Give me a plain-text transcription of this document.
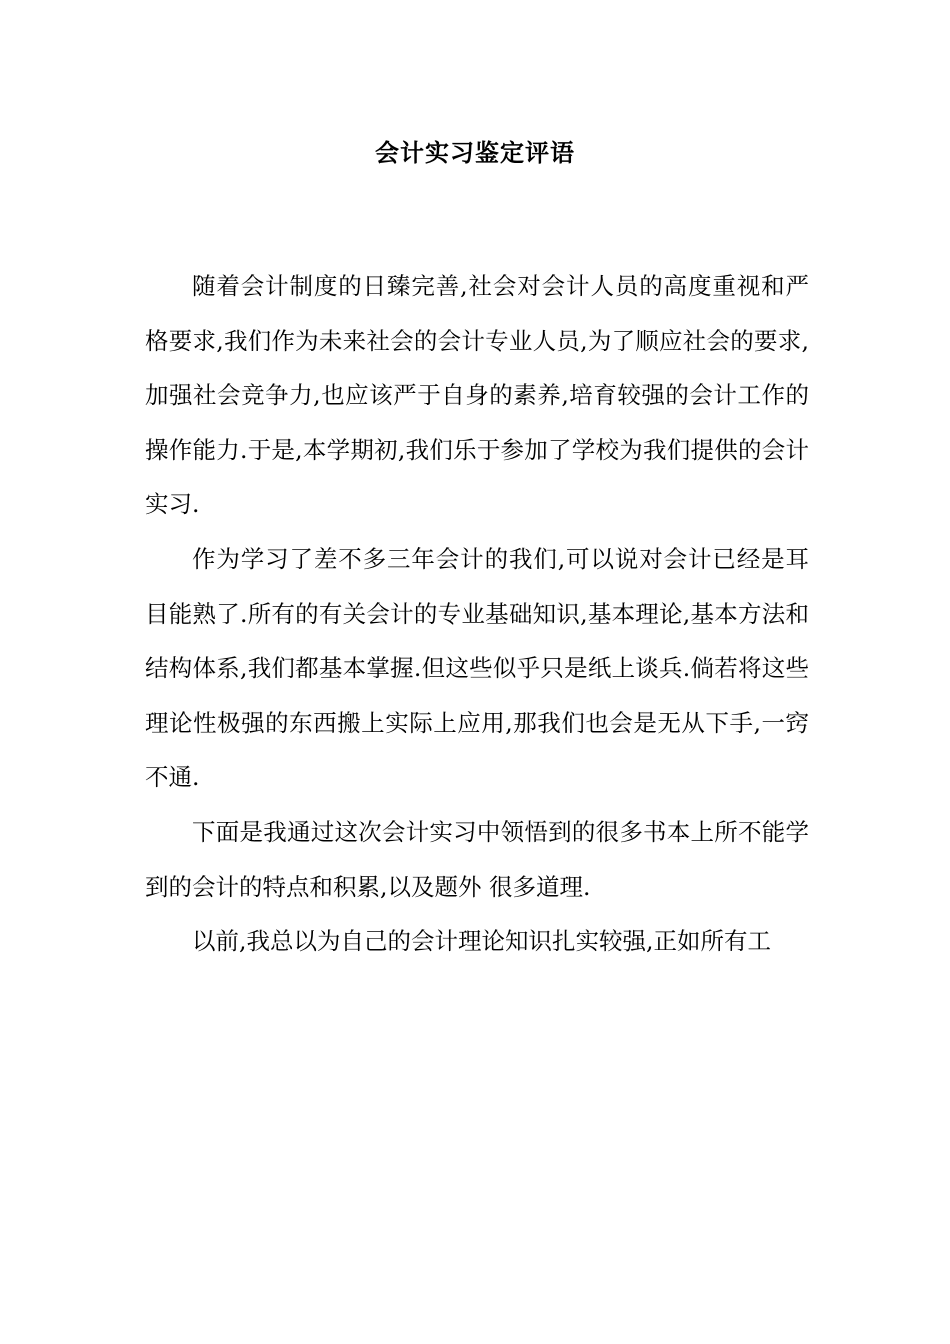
会计实习鉴定评语

随着会计制度的日臻完善,社会对会计人员的高度重视和严格要求,我们作为未来社会的会计专业人员,为了顺应社会的要求,加强社会竞争力,也应该严于自身的素养,培育较强的会计工作的操作能力.于是,本学期初,我们乐于参加了学校为我们提供的会计实习.

作为学习了差不多三年会计的我们,可以说对会计已经是耳目能熟了.所有的有关会计的专业基础知识,基本理论,基本方法和结构体系,我们都基本掌握.但这些似乎只是纸上谈兵.倘若将这些理论性极强的东西搬上实际上应用,那我们也会是无从下手,一窍不通.

下面是我通过这次会计实习中领悟到的很多书本上所不能学到的会计的特点和积累,以及题外 很多道理.

以前,我总以为自己的会计理论知识扎实较强,正如所有工
